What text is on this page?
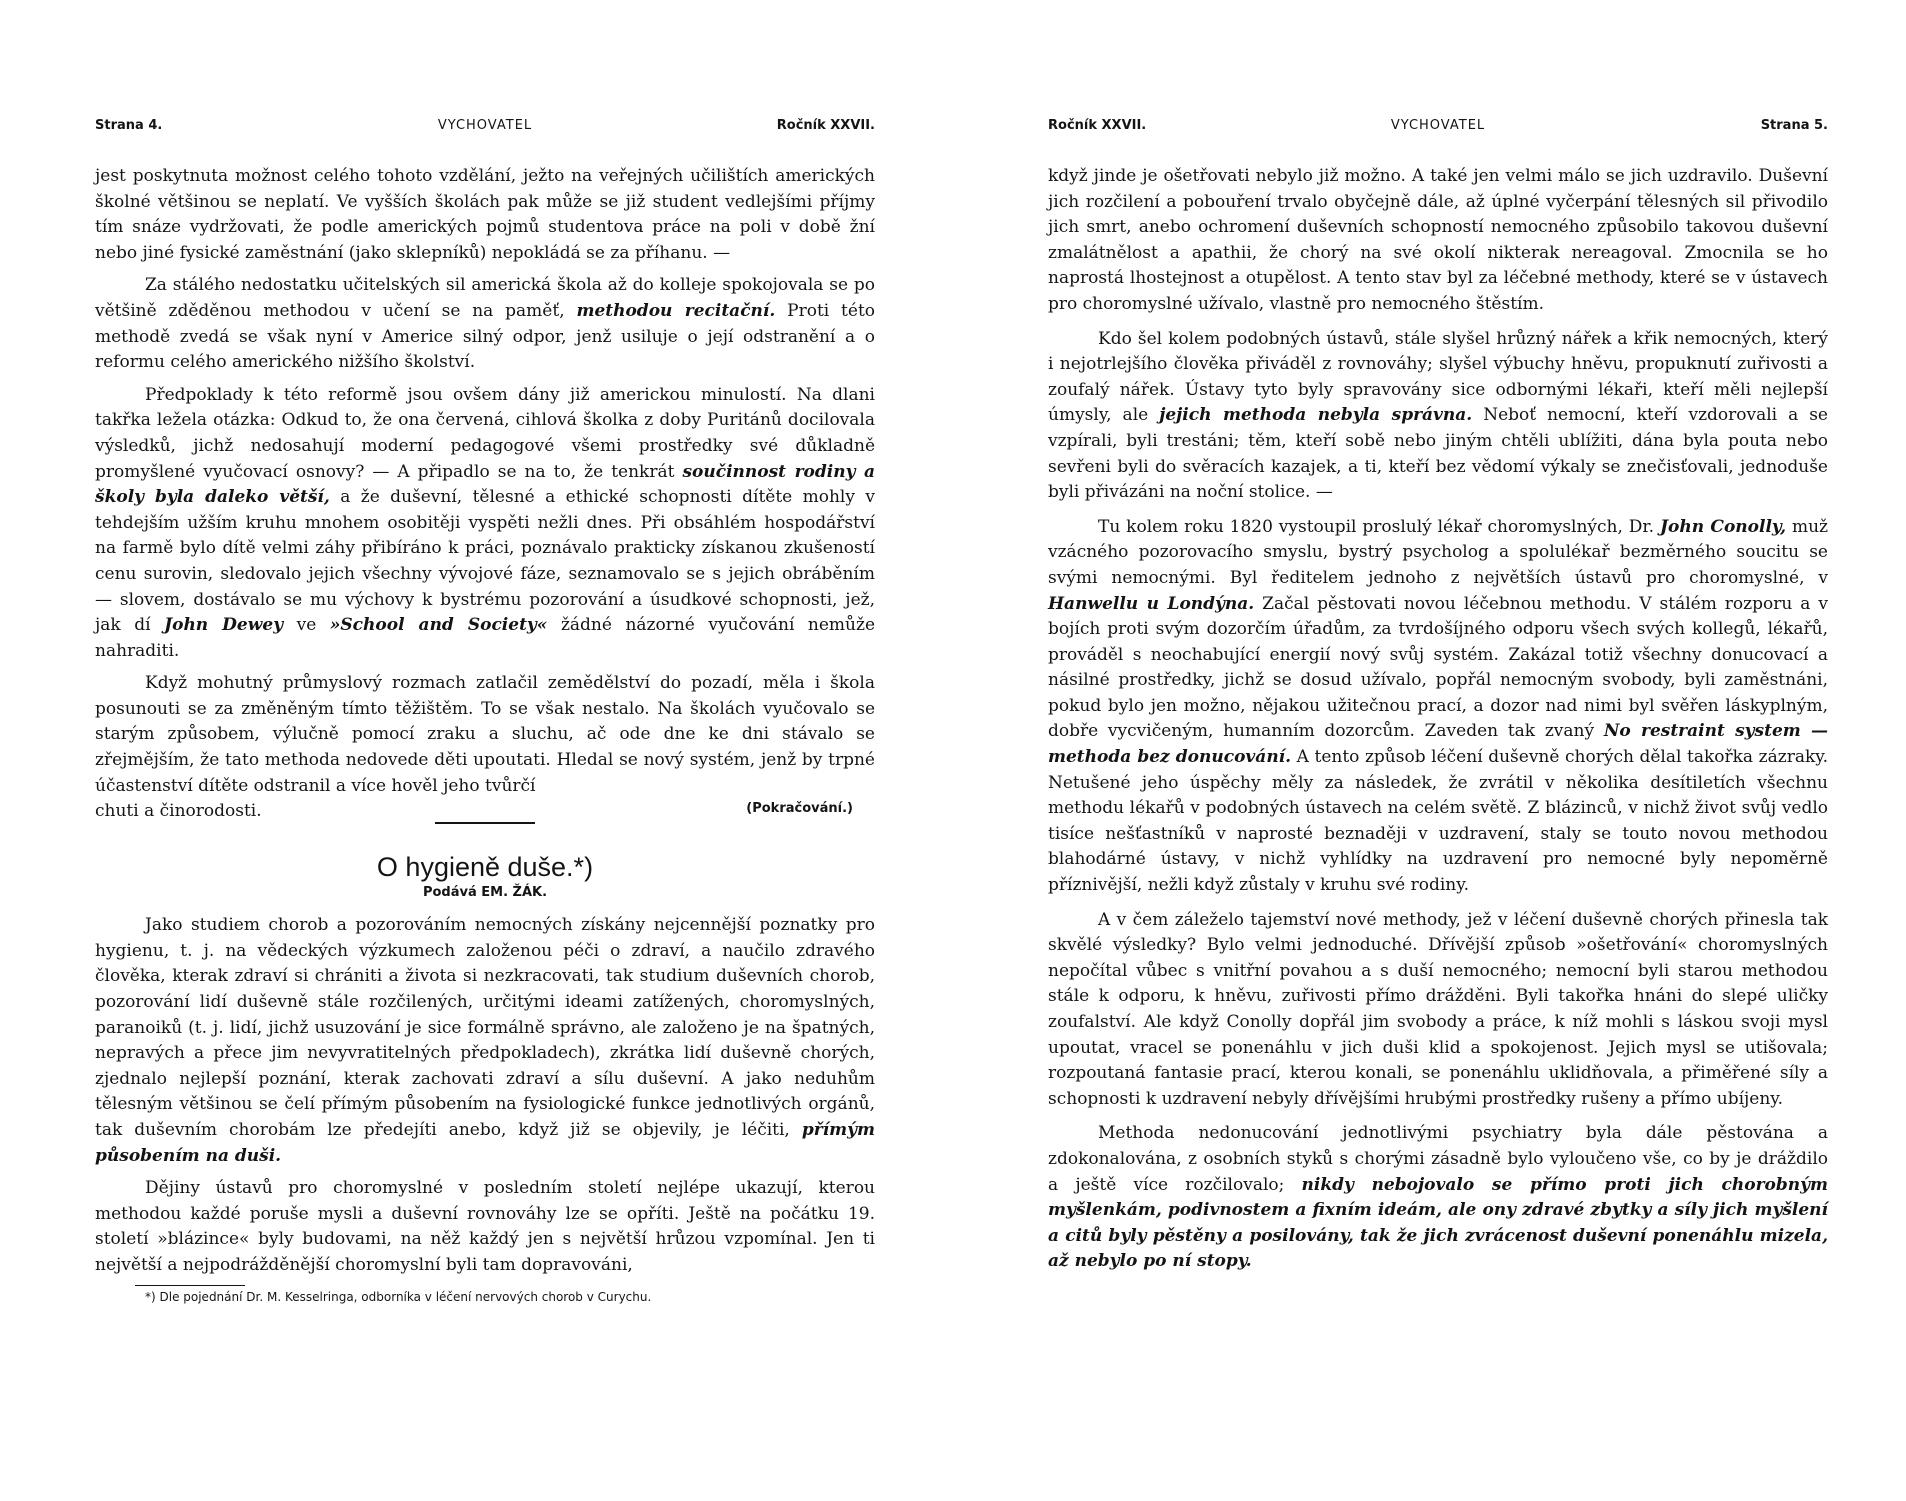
Strana 4.	VYCHOVATEL	Ročník XXVII.

jest poskytnuta možnost celého tohoto vzdělání, ježto na veřejných učilištích amerických školné většinou se neplatí. Ve vyšších školách pak může se již student vedlejšími příjmy tím snáze vydržovati, že podle amerických pojmů studentova práce na poli v době žní nebo jiné fysické zaměstnání (jako sklepníků) nepokládá se za příhanu. —

Za stálého nedostatku učitelských sil americká škola až do kolleje spokojovala se po většině zděděnou methodou v učení se na paměť, methodou recitační. Proti této methodě zvedá se však nyní v Americe silný odpor, jenž usiluje o její odstranění a o reformu celého amerického nižšího školství.

Předpoklady k této reformě jsou ovšem dány již americkou minulostí. Na dlani takřka ležela otázka: Odkud to, že ona červená, cihlová školka z doby Puritánů docilovala výsledků, jichž nedosahují moderní pedagogové všemi prostředky své důkladně promyšlené vyučovací osnovy? — A připadlo se na to, že tenkrát součinnost rodiny a školy byla daleko větší, a že duševní, tělesné a ethické schopnosti dítěte mohly v tehdejším užším kruhu mnohem osobitěji vyspěti nežli dnes. Při obsáhlém hospodářství na farmě bylo dítě velmi záhy přibíráno k práci, poznávalo prakticky získanou zkušeností cenu surovin, sledovalo jejich všechny vývojové fáze, seznamovalo se s jejich obráběním — slovem, dostávalo se mu výchovy k bystrému pozorování a úsudkové schopnosti, jež, jak dí John Dewey ve »School and Society« žádné názorné vyučování nemůže nahraditi.

Když mohutný průmyslový rozmach zatlačil zemědělství do pozadí, měla i škola posunouti se za změněným tímto těžištěm. To se však nestalo. Na školách vyučovalo se starým způsobem, výlučně pomocí zraku a sluchu, ač ode dne ke dni stávalo se zřejmějším, že tato methoda nedovede děti upoutati. Hledal se nový systém, jenž by trpné účastenství dítěte odstranil a více hověl jeho tvůrčí

chuti a činorodosti.	(Pokračování.)
O hygieně duše.*)
Podává EM. ŽÁK.

Jako studiem chorob a pozorováním nemocných získány nejcennější poznatky pro hygienu, t. j. na vědeckých výzkumech založenou péči o zdraví, a naučilo zdravého člověka, kterak zdraví si chrániti a života si nezkracovati, tak studium duševních chorob, pozorování lidí duševně stále rozčilených, určitými ideami zatížených, choromyslných, paranoiků (t. j. lidí, jichž usuzování je sice formálně správno, ale založeno je na špatných, nepravých a přece jim nevyvratitelných předpokladech), zkrátka lidí duševně chorých, zjednalo nejlepší poznání, kterak zachovati zdraví a sílu duševní. A jako neduhům tělesným většinou se čelí přímým působením na fysiologické funkce jednotlivých orgánů, tak duševním chorobám lze předejíti anebo, když již se objevily, je léčiti, přímým působením na duši.

Dějiny ústavů pro choromyslné v posledním století nejlépe ukazují, kterou methodou každé poruše mysli a duševní rovnováhy lze se opříti. Ještě na počátku 19. století »blázince« byly budovami, na něž každý jen s největší hrůzou vzpomínal. Jen ti největší a nejpodrážděnější choromyslní byli tam dopravováni,

*) Dle pojednání Dr. M. Kesselringa, odborníka v léčení nervových chorob v Curychu.
Ročník XXVII.	VYCHOVATEL	Strana 5.

když jinde je ošetřovati nebylo již možno. A také jen velmi málo se jich uzdravilo. Duševní jich rozčilení a pobouření trvalo obyčejně dále, až úplné vyčerpání tělesných sil přivodilo jich smrt, anebo ochromení duševních schopností nemocného způsobilo takovou duševní zmalátnělost a apathii, že chorý na své okolí nikterak nereagoval. Zmocnila se ho naprostá lhostejnost a otupělost. A tento stav byl za léčebné methody, které se v ústavech pro choromyslné užívalo, vlastně pro nemocného štěstím.

Kdo šel kolem podobných ústavů, stále slyšel hrůzný nářek a křik nemocných, který i nejotrlejšího člověka přiváděl z rovnováhy; slyšel výbuchy hněvu, propuknutí zuřivosti a zoufalý nářek. Ústavy tyto byly spravovány sice odbornými lékaři, kteří měli nejlepší úmysly, ale jejich methoda nebyla správna. Neboť nemocní, kteří vzdorovali a se vzpírali, byli trestáni; těm, kteří sobě nebo jiným chtěli ublížiti, dána byla pouta nebo sevřeni byli do svěracích kazajek, a ti, kteří bez vědomí výkaly se znečisťovali, jednoduše byli přivázáni na noční stolice. —

Tu kolem roku 1820 vystoupil proslulý lékař choromyslných, Dr. John Conolly, muž vzácného pozorovacího smyslu, bystrý psycholog a spolulékař bezměrného soucitu se svými nemocnými. Byl ředitelem jednoho z největších ústavů pro choromyslné, v Hanwellu u Londýna. Začal pěstovati novou léčebnou methodu. V stálém rozporu a v bojích proti svým dozorčím úřadům, za tvrdošíjného odporu všech svých kollegů, lékařů, prováděl s neochabující energií nový svůj systém. Zakázal totiž všechny donucovací a násilné prostředky, jichž se dosud užívalo, popřál nemocným svobody, byli zaměstnáni, pokud bylo jen možno, nějakou užitečnou prací, a dozor nad nimi byl svěřen láskyplným, dobře vycvičeným, humanním dozorcům. Zaveden tak zvaný No restraint system — methoda bez donucování. A tento způsob léčení duševně chorých dělal takořka zázraky. Netušené jeho úspěchy měly za následek, že zvrátil v několika desítiletích všechnu methodu lékařů v podobných ústavech na celém světě. Z blázinců, v nichž život svůj vedlo tisíce nešťastníků v naprosté beznaději v uzdravení, staly se touto novou methodou blahodárné ústavy, v nichž vyhlídky na uzdravení pro nemocné byly nepoměrně příznivější, nežli když zůstaly v kruhu své rodiny.

A v čem záleželo tajemství nové methody, jež v léčení duševně chorých přinesla tak skvělé výsledky? Bylo velmi jednoduché. Dřívější způsob »ošetřování« choromyslných nepočítal vůbec s vnitřní povahou a s duší nemocného; nemocní byli starou methodou stále k odporu, k hněvu, zuřivosti přímo drážděni. Byli takořka hnáni do slepé uličky zoufalství. Ale když Conolly dopřál jim svobody a práce, k níž mohli s láskou svoji mysl upoutat, vracel se ponenáhlu v jich duši klid a spokojenost. Jejich mysl se utišovala; rozpoutaná fantasie prací, kterou konali, se ponenáhlu uklidňovala, a přiměřené síly a schopnosti k uzdravení nebyly dřívějšími hrubými prostředky rušeny a přímo ubíjeny.

Methoda nedonucování jednotlivými psychiatry byla dále pěstována a zdokonalována, z osobních styků s chorými zásadně bylo vyloučeno vše, co by je dráždilo a ještě více rozčilovalo; nikdy nebojovalo se přímo proti jich chorobným myšlenkám, podivnostem a fixním ideám, ale ony zdravé zbytky a síly jich myšlení a citů byly pěstěny a posilovány, tak že jich zvrácenost duševní ponenáhlu mizela, až nebylo po ní stopy.
